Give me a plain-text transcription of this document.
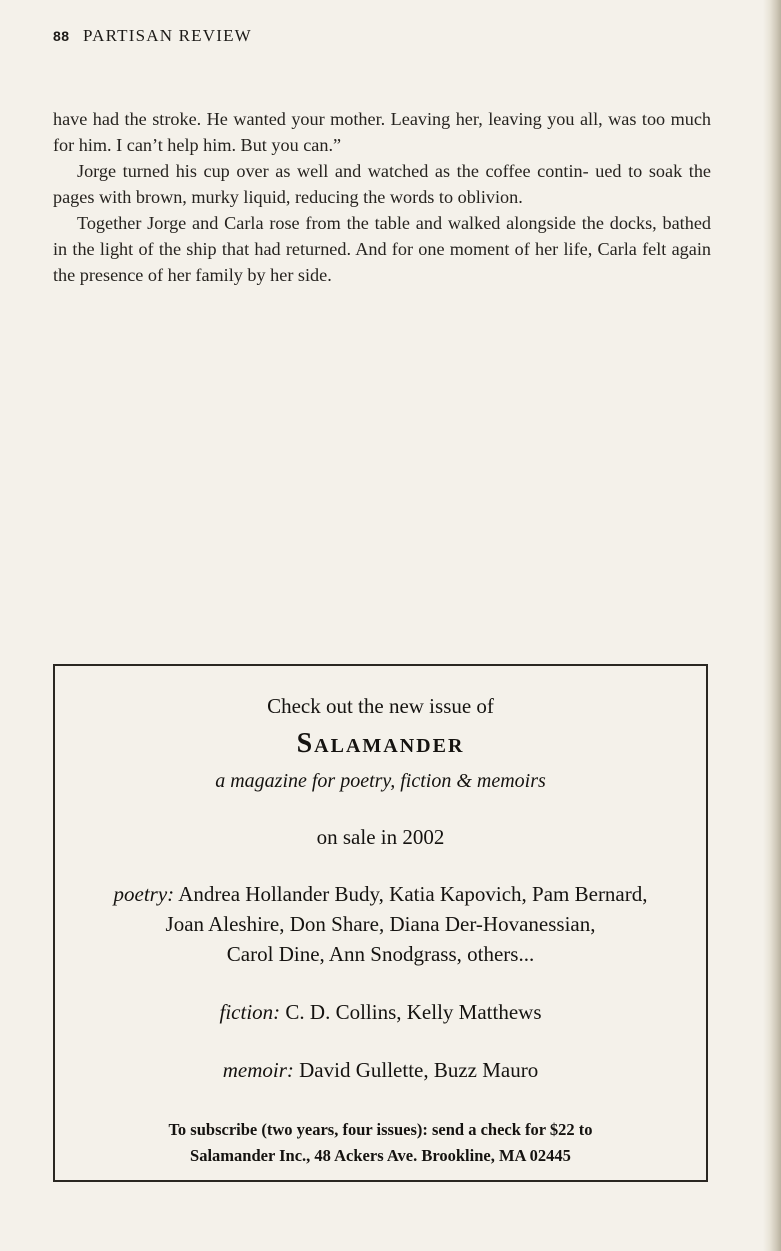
88 PARTISAN REVIEW

have had the stroke. He wanted your mother. Leaving her, leaving you all, was too much for him. I can’t help him. But you can.”

Jorge turned his cup over as well and watched as the coffee contin- ued to soak the pages with brown, murky liquid, reducing the words to oblivion.

Together Jorge and Carla rose from the table and walked alongside the docks, bathed in the light of the ship that had returned. And for one moment of her life, Carla felt again the presence of her family by her side.

Check out the new issue of
Salamander
a magazine for poetry, fiction & memoirs
on sale in 2002
poetry: Andrea Hollander Budy, Katia Kapovich, Pam Bernard,
Joan Aleshire, Don Share, Diana Der-Hovanessian,
Carol Dine, Ann Snodgrass, others...
fiction: C. D. Collins, Kelly Matthews
memoir: David Gullette, Buzz Mauro
To subscribe (two years, four issues): send a check for $22 to
Salamander Inc., 48 Ackers Ave. Brookline, MA 02445
